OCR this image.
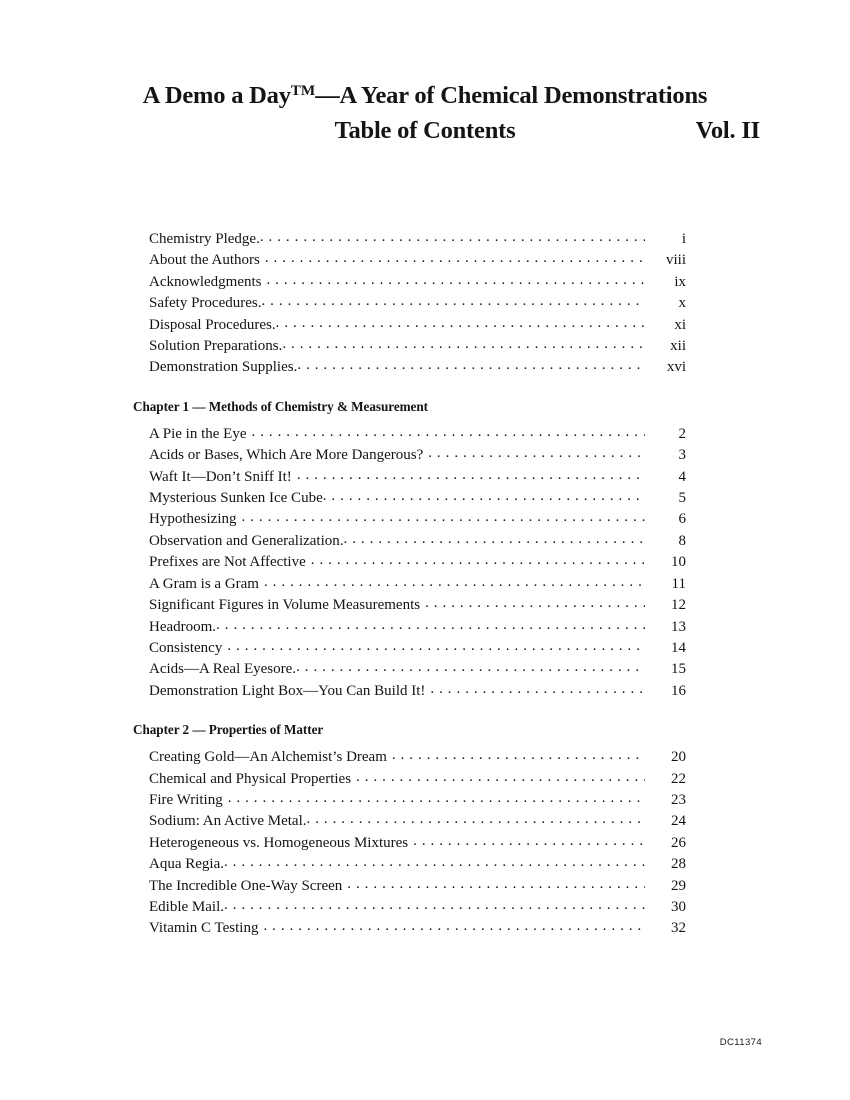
A Demo a Day™—A Year of Chemical Demonstrations
Table of Contents	Vol. II
Chemistry Pledge. . . .	i
About the Authors . . .	viii
Acknowledgments . . .	ix
Safety Procedures. . . .	x
Disposal Procedures. . . .	xi
Solution Preparations. . . .	xii
Demonstration Supplies. . . .	xvi
Chapter 1 — Methods of Chemistry & Measurement
A Pie in the Eye . . .	2
Acids or Bases, Which Are More Dangerous? . . .	3
Waft It—Don’t Sniff It! . . .	4
Mysterious Sunken Ice Cube . . .	5
Hypothesizing . . .	6
Observation and Generalization. . . .	8
Prefixes are Not Affective . . .	10
A Gram is a Gram . . .	11
Significant Figures in Volume Measurements . . .	12
Headroom. . . .	13
Consistency . . .	14
Acids—A Real Eyesore. . . .	15
Demonstration Light Box—You Can Build It! . . .	16
Chapter 2 — Properties of Matter
Creating Gold—An Alchemist’s Dream . . .	20
Chemical and Physical Properties . . .	22
Fire Writing . . .	23
Sodium: An Active Metal. . . .	24
Heterogeneous vs. Homogeneous Mixtures . . .	26
Aqua Regia. . . .	28
The Incredible One-Way Screen . . .	29
Edible Mail. . . .	30
Vitamin C Testing . . .	32
DC11374
